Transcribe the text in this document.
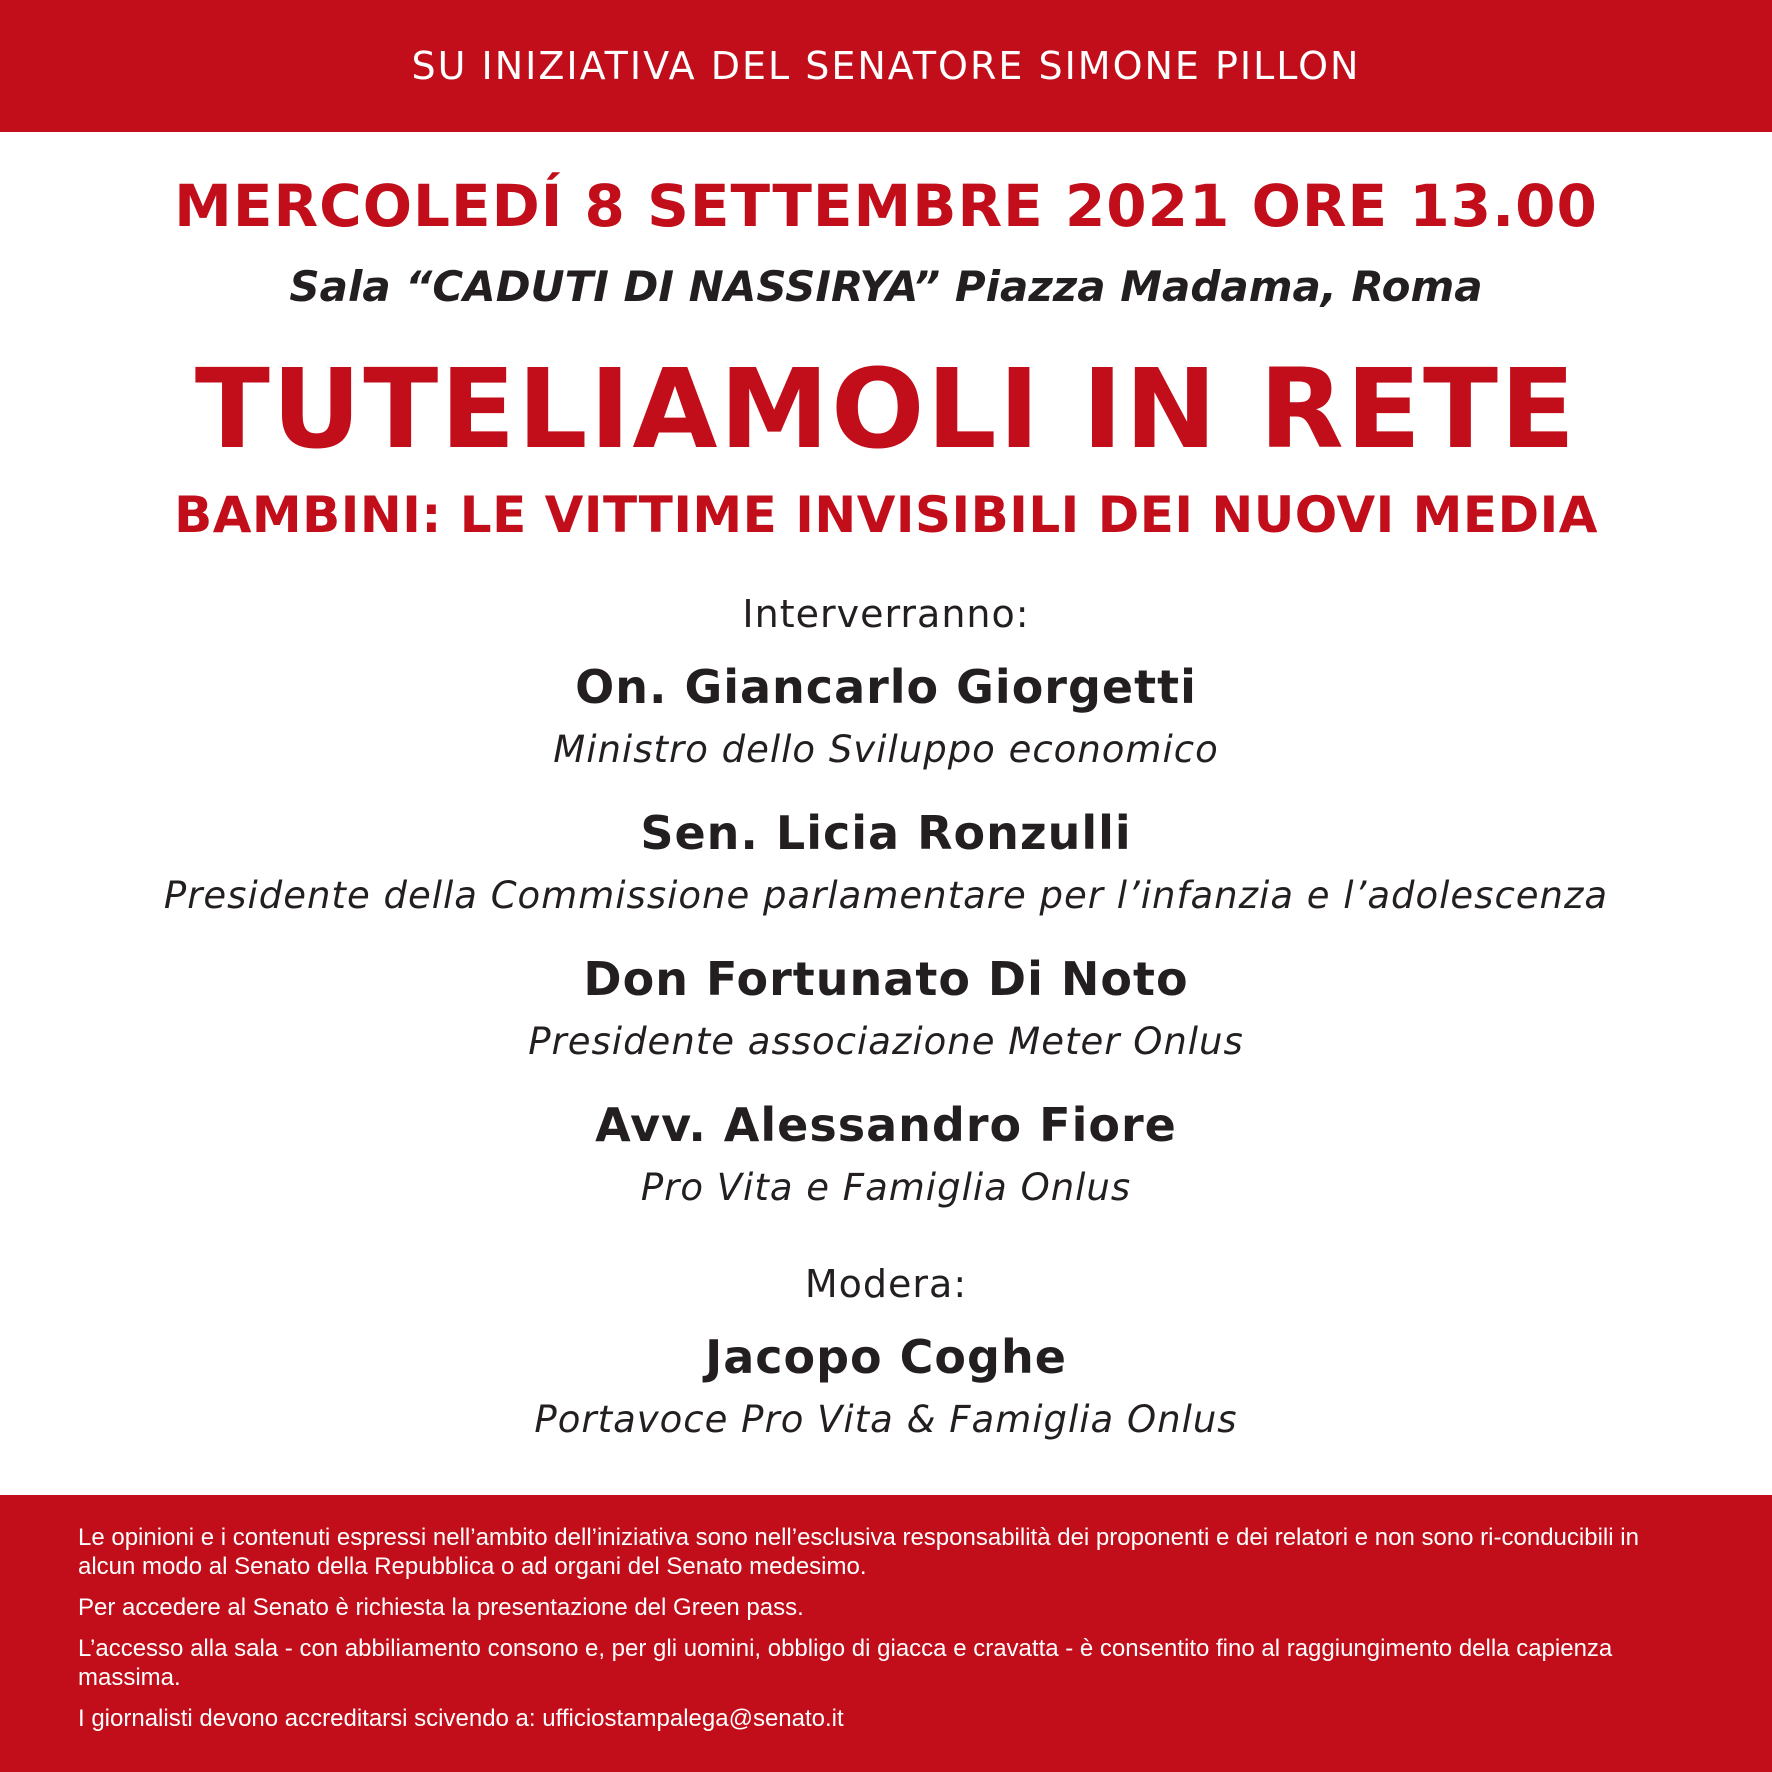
SU INIZIATIVA DEL SENATORE SIMONE PILLON
MERCOLEDÍ 8 SETTEMBRE 2021 ORE 13.00
Sala “CADUTI DI NASSIRYA” Piazza Madama, Roma
TUTELIAMOLI IN RETE
BAMBINI: LE VITTIME INVISIBILI DEI NUOVI MEDIA
Interverranno:
On. Giancarlo Giorgetti
Ministro dello Sviluppo economico
Sen. Licia Ronzulli
Presidente della Commissione parlamentare per l’infanzia e l’adolescenza
Don Fortunato Di Noto
Presidente associazione Meter Onlus
Avv. Alessandro Fiore
Pro Vita e Famiglia Onlus
Modera:
Jacopo Coghe
Portavoce Pro Vita & Famiglia Onlus

Le opinioni e i contenuti espressi nell’ambito dell’iniziativa sono nell’esclusiva responsabilità dei proponenti e dei relatori e non sono ri-conducibili in alcun modo al Senato della Repubblica o ad organi del Senato medesimo.

Per accedere al Senato è richiesta la presentazione del Green pass.

L’accesso alla sala - con abbiliamento consono e, per gli uomini, obbligo di giacca e cravatta - è consentito fino al raggiungimento della capienza massima.

I giornalisti devono accreditarsi scivendo a: ufficiostampalega@senato.it
